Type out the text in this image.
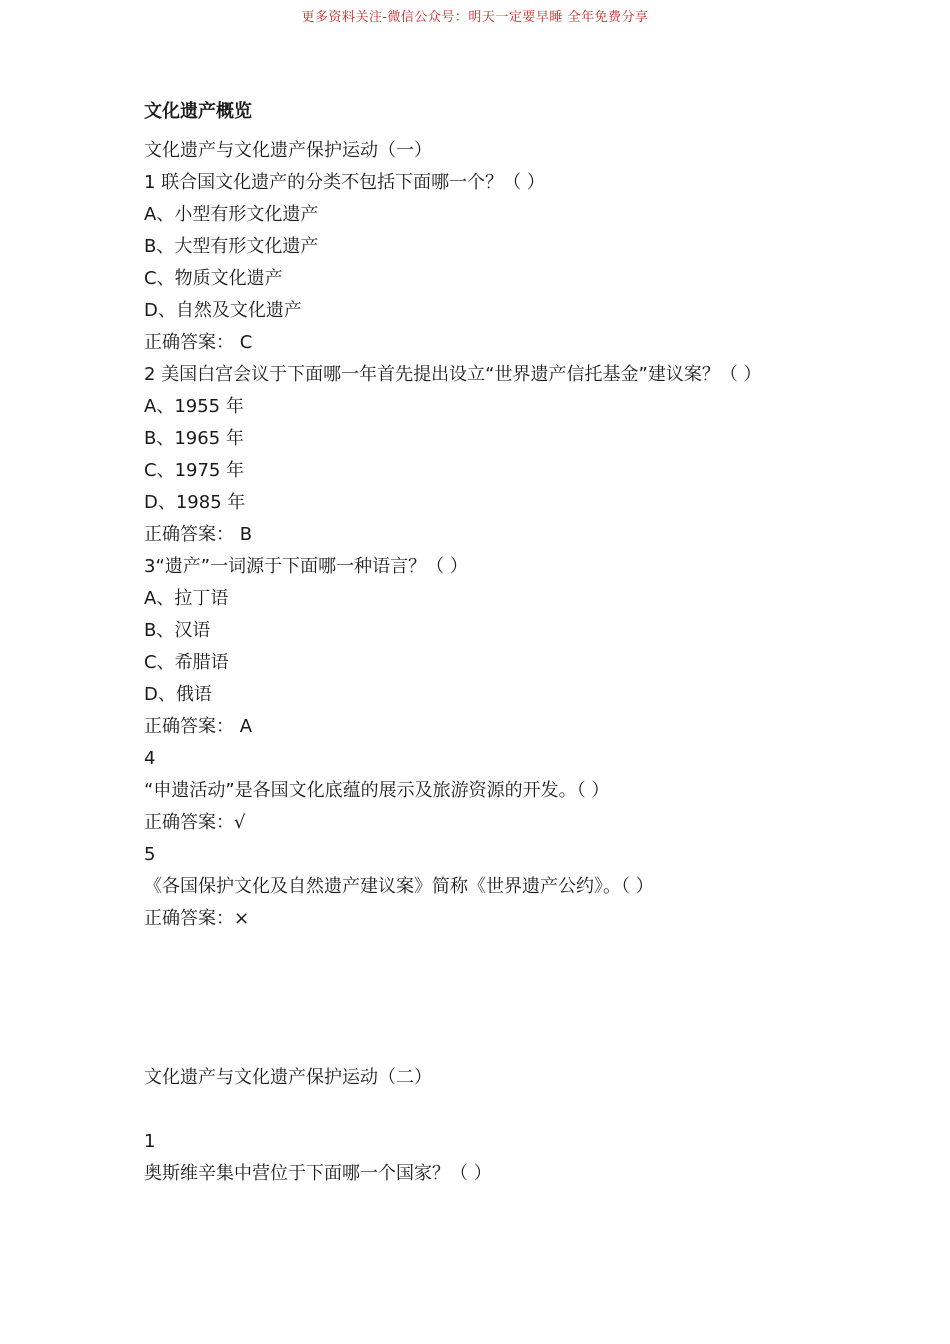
更多资料关注-微信公众号：明天一定要早睡 全年免费分享
文化遗产概览
文化遗产与文化遗产保护运动（一）
1 联合国文化遗产的分类不包括下面哪一个？（ ）
A、小型有形文化遗产
B、大型有形文化遗产
C、物质文化遗产
D、自然及文化遗产
正确答案： C
2 美国白宫会议于下面哪一年首先提出设立“世界遗产信托基金”建议案？（ ）
A、1955 年
B、1965 年
C、1975 年
D、1985 年
正确答案： B
3“遗产”一词源于下面哪一种语言？（ ）
A、拉丁语
B、汉语
C、希腊语
D、俄语
正确答案： A
4
“申遗活动”是各国文化底蕴的展示及旅游资源的开发。（ ）
正确答案：√
5
《各国保护文化及自然遗产建议案》简称《世界遗产公约》。（ ）
正确答案：×
文化遗产与文化遗产保护运动（二）
1
奥斯维辛集中营位于下面哪一个国家？（ ）
